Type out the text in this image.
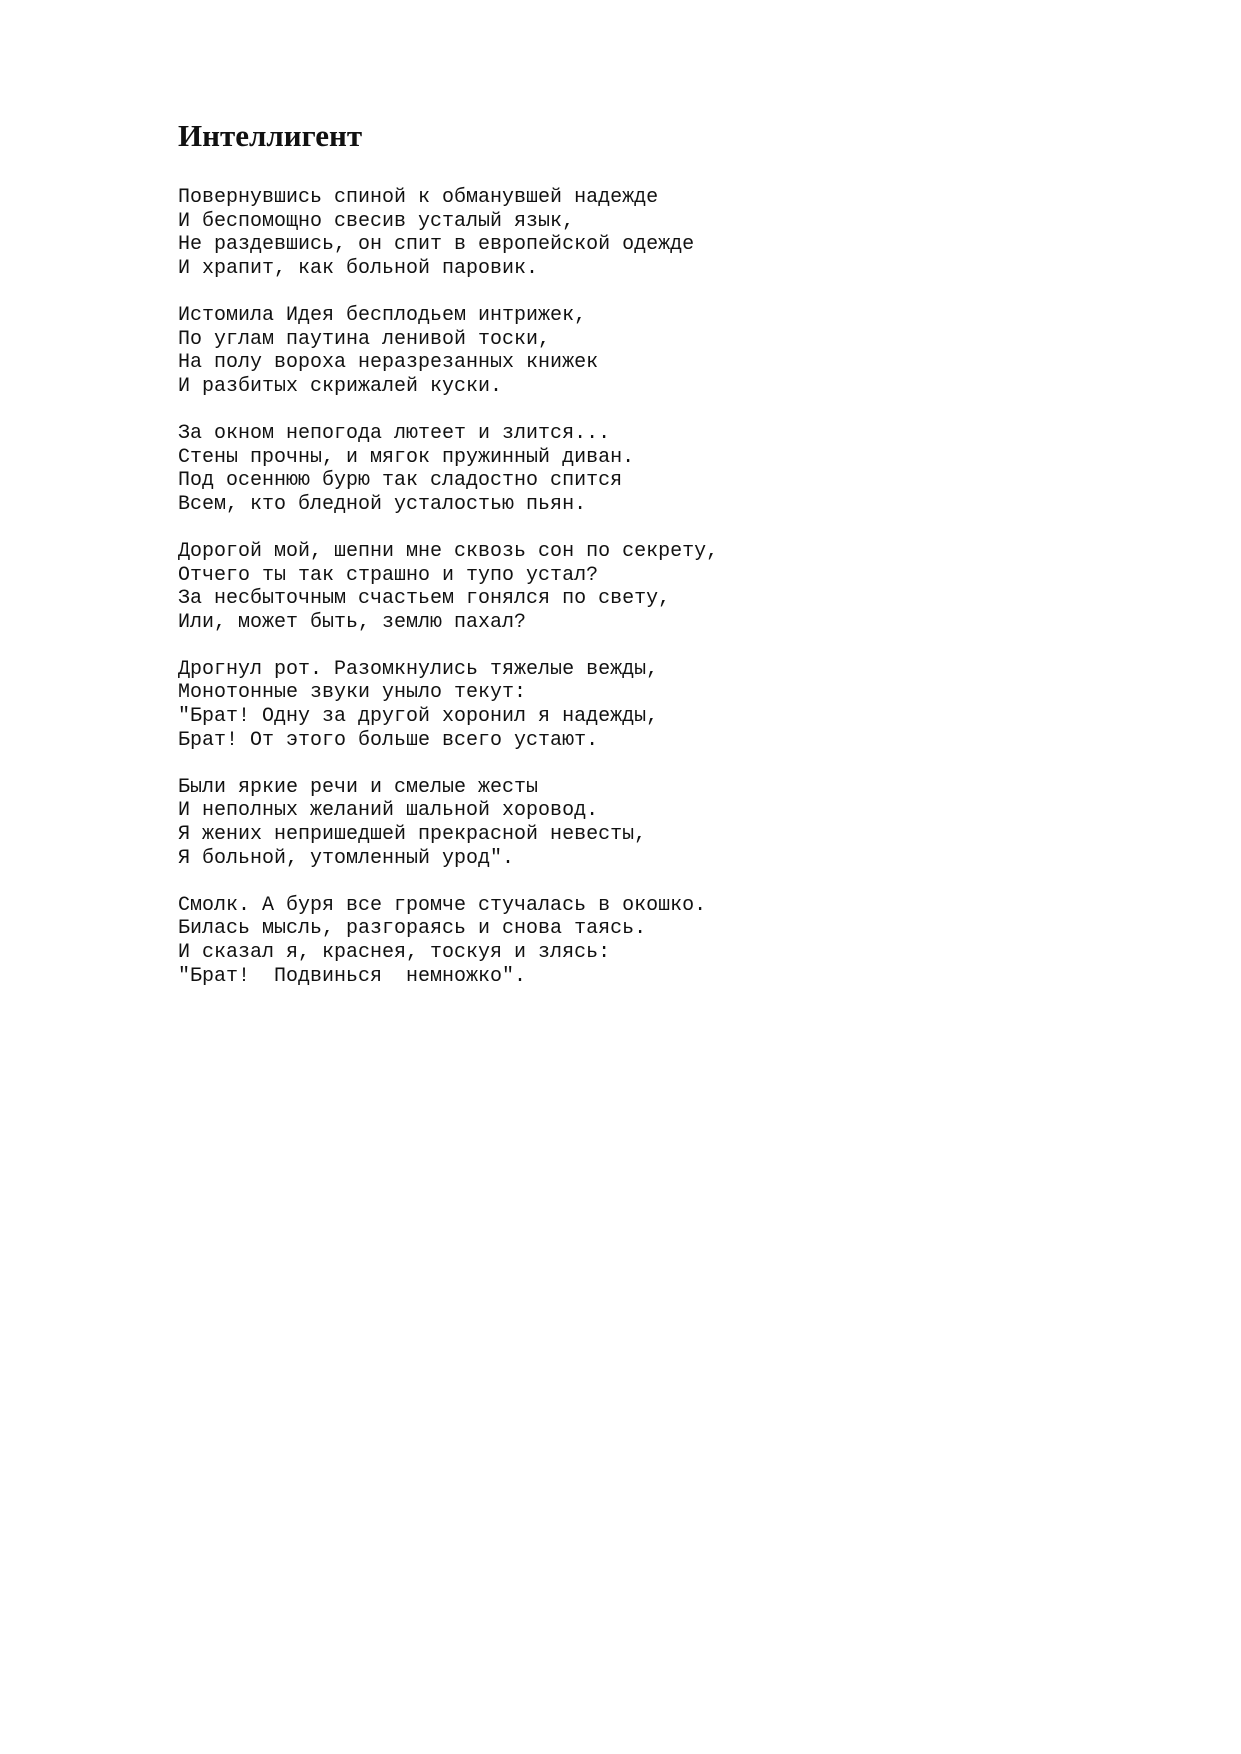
Интеллигент
Повернувшись спиной к обманувшей надежде
И беспомощно свесив усталый язык,
Не раздевшись, он спит в европейской одежде
И храпит, как больной паровик.
Истомила Идея бесплодьем интрижек,
По углам паутина ленивой тоски,
На полу вороха неразрезанных книжек
И разбитых скрижалей куски.
За окном непогода лютеет и злится...
Стены прочны, и мягок пружинный диван.
Под осеннюю бурю так сладостно спится
Всем, кто бледной усталостью пьян.
Дорогой мой, шепни мне сквозь сон по секрету,
Отчего ты так страшно и тупо устал?
За несбыточным счастьем гонялся по свету,
Или, может быть, землю пахал?
Дрогнул рот. Разомкнулись тяжелые вежды,
Монотонные звуки уныло текут:
"Брат! Одну за другой хоронил я надежды,
Брат! От этого больше всего устают.
Были яркие речи и смелые жесты
И неполных желаний шальной хоровод.
Я жених непришедшей прекрасной невесты,
Я больной, утомленный урод".
Смолк. А буря все громче стучалась в окошко.
Билась мысль, разгораясь и снова таясь.
И сказал я, краснея, тоскуя и злясь:
"Брат!  Подвинься  немножко".
